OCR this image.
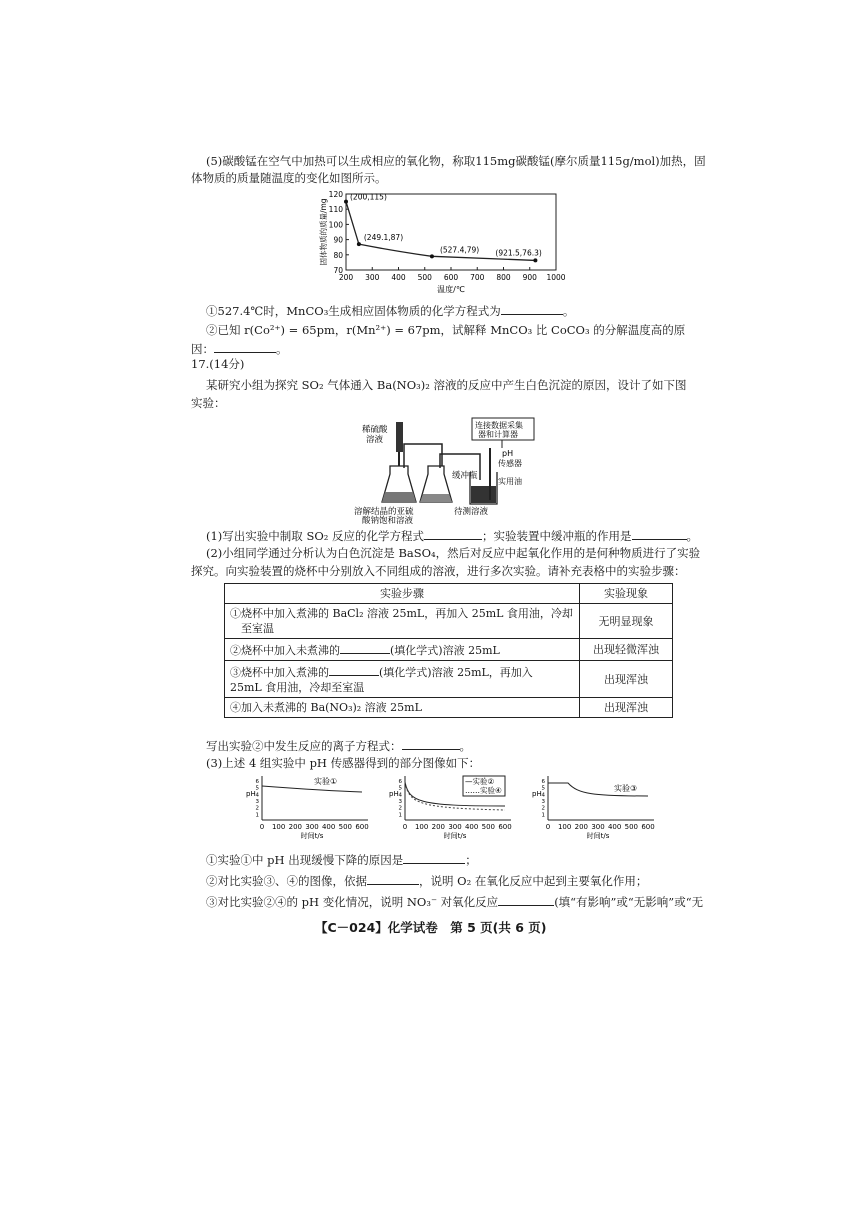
(5)碳酸锰在空气中加热可以生成相应的氧化物，称取115mg碳酸锰(摩尔质量115g/mol)加热，固
体物质的质量随温度的变化如图所示。
70
80
90
100
110
120
200 300 400 500 600 700 800 900 1000
温度/℃
固体物质的质量/mg
(200,115)
(249.1,87)
(527.4,79) (921.5,76.3)
①527.4℃时，MnCO₃生成相应固体物质的化学方程式为	。
②已知 r(Co²⁺) = 65pm，r(Mn²⁺) = 67pm，试解释 MnCO₃ 比 CoCO₃ 的分解温度高的原
因：	。
17.(14分)
某研究小组为探究 SO₂ 气体通入 Ba(NO₃)₂ 溶液的反应中产生白色沉淀的原因，设计了如下图
实验：
稀硫酸
溶液
缓冲瓶
连接数据采集
器和计算器
pH
传感器
实用油
溶解结晶的亚硫
酸钠饱和溶液
待测溶液
(1)写出实验中制取 SO₂ 反应的化学方程式	；实验装置中缓冲瓶的作用是	。
(2)小组同学通过分析认为白色沉淀是 BaSO₄，然后对反应中起氧化作用的是何种物质进行了实验
探究。向实验装置的烧杯中分别放入不同组成的溶液，进行多次实验。请补充表格中的实验步骤：
实验步骤	实验现象
①烧杯中加入煮沸的 BaCl₂ 溶液 25mL，再加入 25mL 食用油，冷却
至室温	无明显现象
②烧杯中加入未煮沸的 (填化学式)溶液 25mL	出现轻微浑浊
③烧杯中加入煮沸的 (填化学式)溶液 25mL，再加入
25mL 食用油，冷却至室温	出现浑浊
④加入未煮沸的 Ba(NO₃)₂ 溶液 25mL	出现浑浊
写出实验②中发生反应的离子方程式：	。
(3)上述 4 组实验中 pH 传感器得到的部分图像如下：
6
5
4
3
2
1
pH
0 100 200 300 400 500 600
时间t/s
实验①	6
5
4
3
2
1
pH
0 100 200 300 400 500 600
时间t/s
—实验②
……实验④
6
5
4
3
2
1
pH
0 100 200 300 400 500 600
时间t/s
实验③
①实验①中 pH 出现缓慢下降的原因是	；
②对比实验③、④的图像，依据	，说明 O₂ 在氧化反应中起到主要氧化作用；
③对比实验②④的 pH 变化情况，说明 NO₃⁻ 对氧化反应	(填“有影响”或“无影响”或“无
【C－024】化学试卷　第 5 页(共 6 页)
